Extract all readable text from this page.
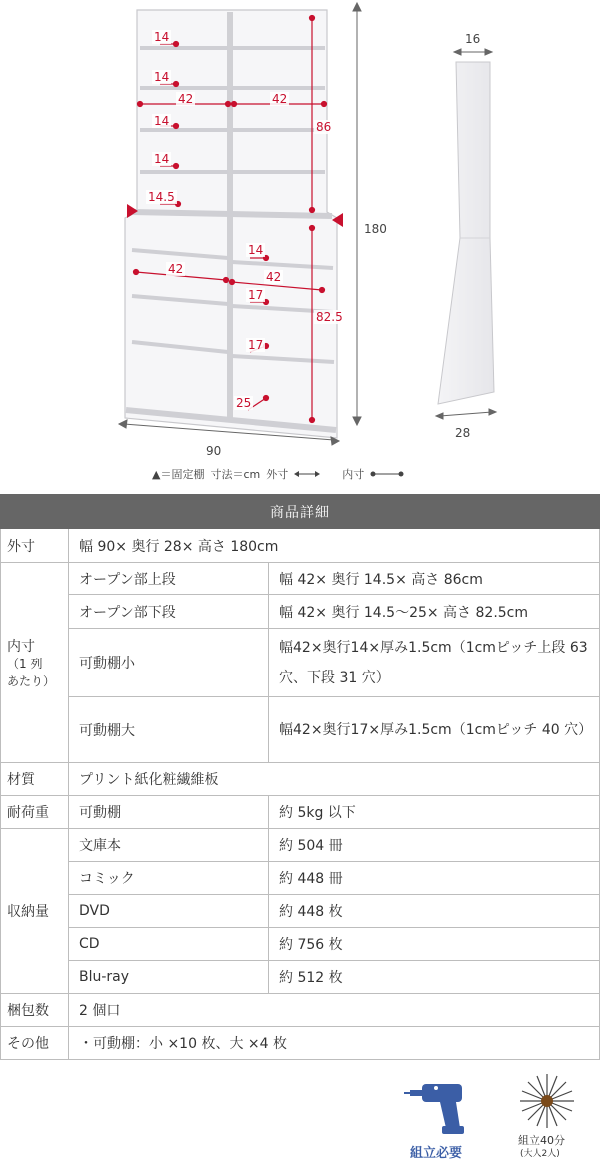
14
14
42	42
86
14
14
14.5
14
42
42
17
82.5
17
25
90
180
16
28
▲＝固定棚 寸法＝cm 外寸	内寸
商品詳細		
外寸	幅 90× 奥行 28× 高さ 180cm	

内寸
（1 列
あたり）	オープン部上段	幅 42× 奥行 14.5× 高さ 86cm
	オープン部下段	幅 42× 奥行 14.5～25× 高さ 82.5cm
	可動棚小	幅42×奥行14×厚み1.5cm（1cmピッチ上段 63 穴、下段 31 穴）
	可動棚大	幅42×奥行17×厚み1.5cm（1cmピッチ 40 穴）
材質	プリント紙化粧繊維板	
耐荷重	可動棚	約 5kg 以下
収納量	文庫本	約 504 冊
	コミック	約 448 冊
	DVD	約 448 枚
	CD	約 756 枚
	Blu-ray	約 512 枚
梱包数	2 個口	
その他	・可動棚：小 ×10 枚、大 ×4 枚	
組立必要
組立40分
(大人2人)
